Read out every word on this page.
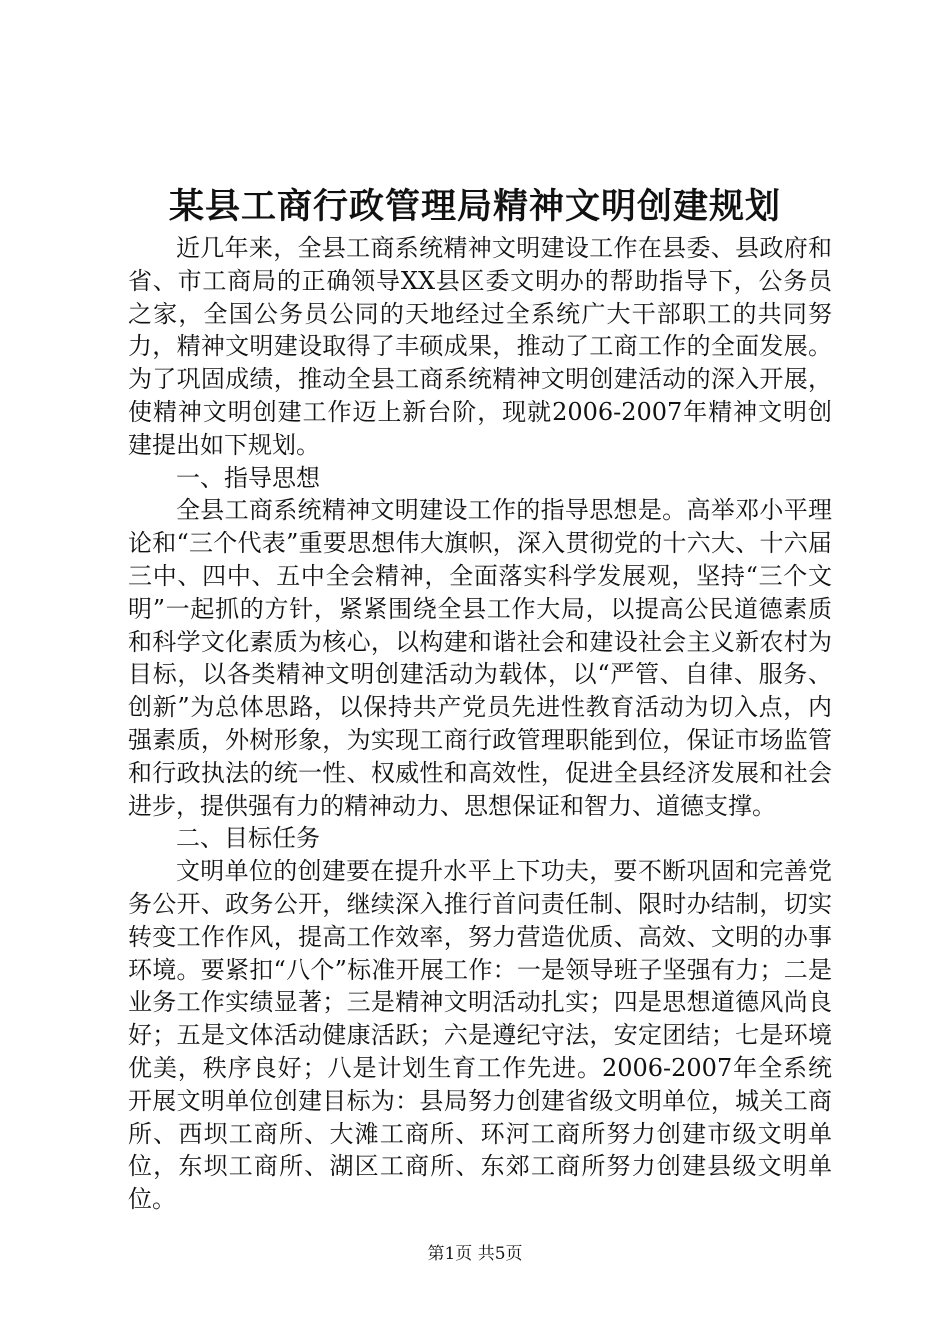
某县工商行政管理局精神文明创建规划

近几年来，全县工商系统精神文明建设工作在县委、县政府和省、市工商局的正确领导XX县区委文明办的帮助指导下，公务员之家，全国公务员公同的天地经过全系统广大干部职工的共同努力，精神文明建设取得了丰硕成果，推动了工商工作的全面发展。为了巩固成绩，推动全县工商系统精神文明创建活动的深入开展，使精神文明创建工作迈上新台阶，现就2006-2007年精神文明创建提出如下规划。

一、指导思想

全县工商系统精神文明建设工作的指导思想是。高举邓小平理论和“三个代表”重要思想伟大旗帜，深入贯彻党的十六大、十六届三中、四中、五中全会精神，全面落实科学发展观，坚持“三个文明”一起抓的方针，紧紧围绕全县工作大局，以提高公民道德素质和科学文化素质为核心，以构建和谐社会和建设社会主义新农村为目标，以各类精神文明创建活动为载体，以“严管、自律、服务、创新”为总体思路，以保持共产党员先进性教育活动为切入点，内强素质，外树形象，为实现工商行政管理职能到位，保证市场监管和行政执法的统一性、权威性和高效性，促进全县经济发展和社会进步，提供强有力的精神动力、思想保证和智力、道德支撑。

二、目标任务

文明单位的创建要在提升水平上下功夫，要不断巩固和完善党务公开、政务公开，继续深入推行首问责任制、限时办结制，切实转变工作作风，提高工作效率，努力营造优质、高效、文明的办事环境。要紧扣“八个”标准开展工作：一是领导班子坚强有力；二是业务工作实绩显著；三是精神文明活动扎实；四是思想道德风尚良好；五是文体活动健康活跃；六是遵纪守法，安定团结；七是环境优美，秩序良好；八是计划生育工作先进。2006-2007年全系统开展文明单位创建目标为：县局努力创建省级文明单位，城关工商所、西坝工商所、大滩工商所、环河工商所努力创建市级文明单位，东坝工商所、湖区工商所、东郊工商所努力创建县级文明单位。

第1页 共5页
